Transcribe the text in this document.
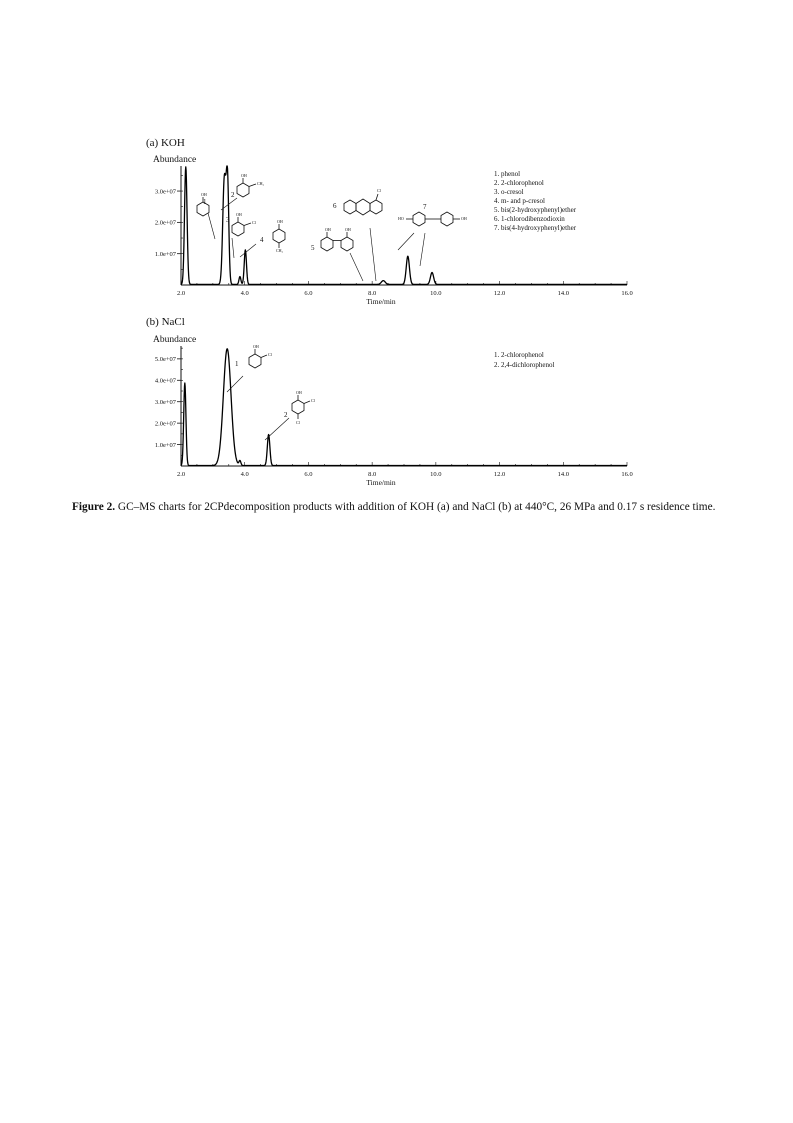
(a) KOH
Abundance
1.0e+07
2.0e+07
3.0e+07
2.0	4.0	6.0	8.0	10.0	12.0	14.0	16.0
Time/min
1. phenol
2. 2-chlorophenol
3. o-cresol
4. m- and p-cresol
5. bis(2-hydroxyphenyl)ether
6. 1-chlorodibenzodioxin
7. bis(4-hydroxyphenyl)ether
1
2
3
4
5
6	7
OH
OH
CH₃
OH
Cl	OH
CH₃
OH	OH
Cl
HO	OH
(b) NaCl
Abundance
1.0e+07
2.0e+07
3.0e+07
4.0e+07
5.0e+07
2.0	4.0	6.0	8.0	10.0	12.0	14.0	16.0
Time/min
1. 2-chlorophenol
2. 2,4-dichlorophenol
1
2
OH
Cl
OH
Cl
Cl
Figure 2. GC–MS charts for 2CPdecomposition products with addition of KOH (a) and NaCl (b) at 440°C, 26 MPa and 0.17 s residence time.
